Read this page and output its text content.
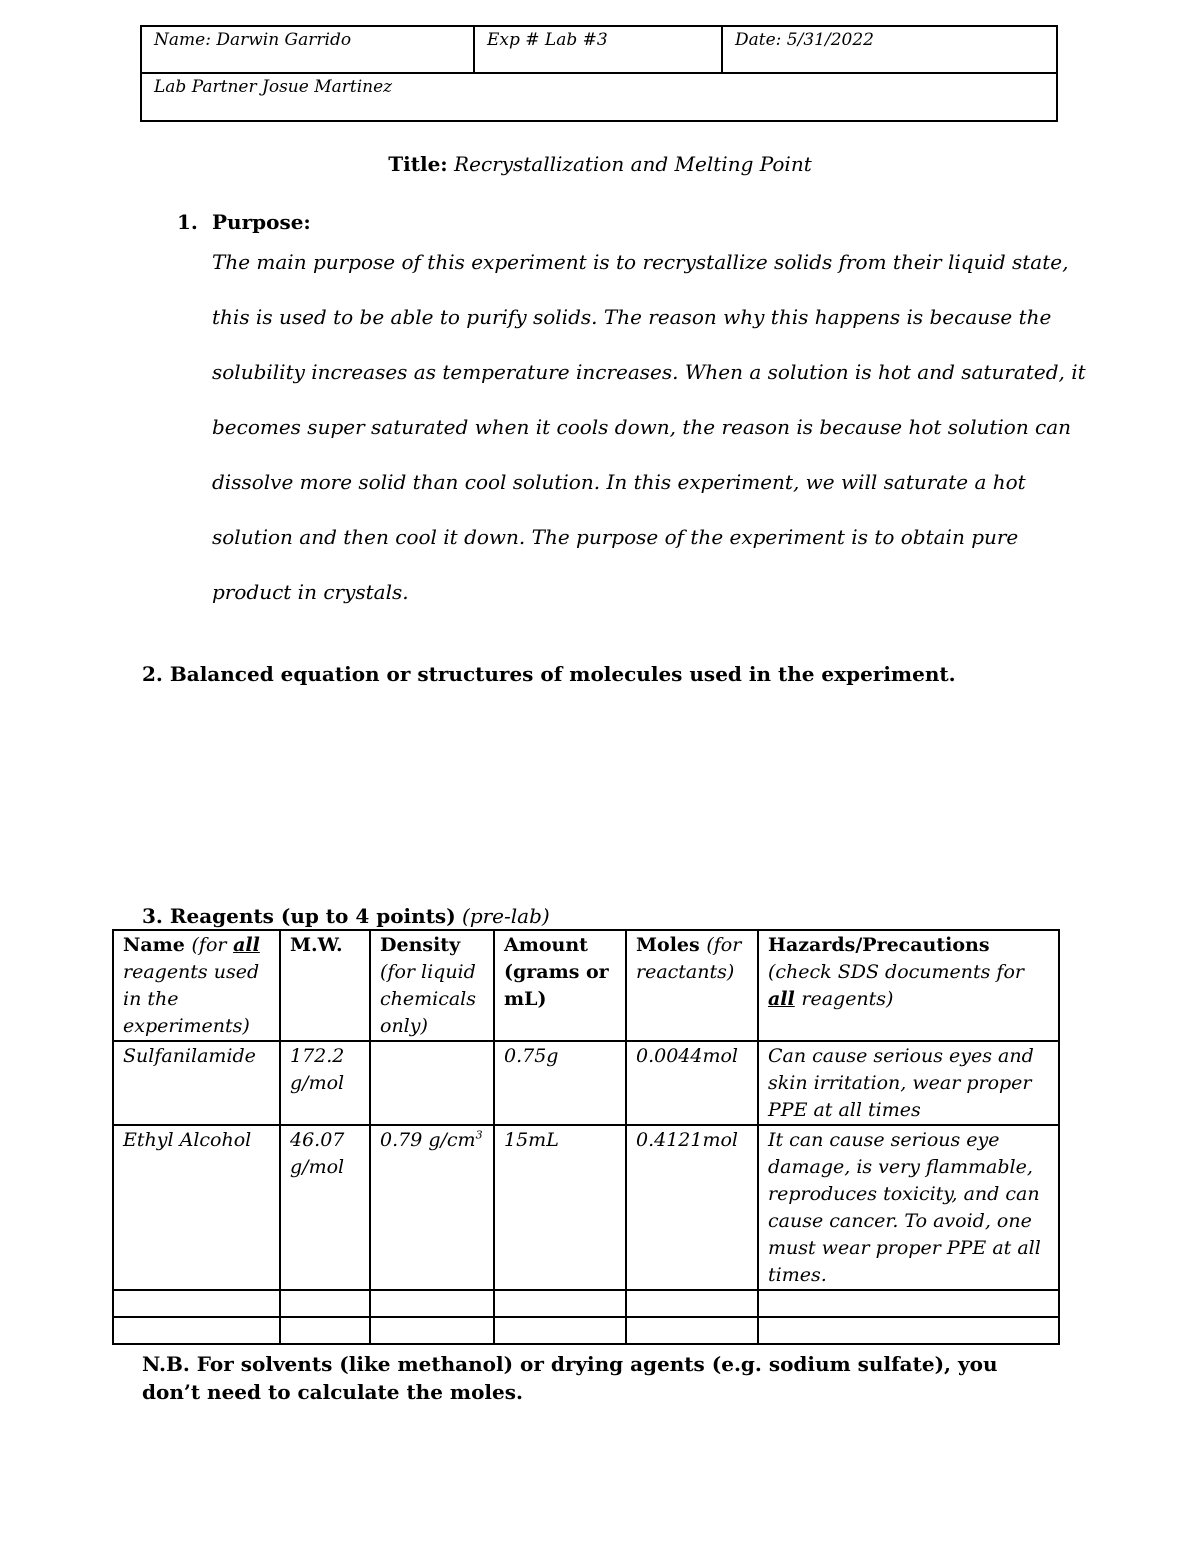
Name: Darwin Garrido	Exp # Lab #3	Date: 5/31/2022
Lab Partner Josue Martinez
Title: Recrystallization and Melting Point
1. Purpose:
The main purpose of this experiment is to recrystallize solids from their liquid state,
this is used to be able to purify solids. The reason why this happens is because the
solubility increases as temperature increases. When a solution is hot and saturated, it
becomes super saturated when it cools down, the reason is because hot solution can
dissolve more solid than cool solution. In this experiment, we will saturate a hot
solution and then cool it down. The purpose of the experiment is to obtain pure
product in crystals.
2. Balanced equation or structures of molecules used in the experiment.
3. Reagents (up to 4 points) (pre-lab)
Name (for all reagents used in the experiments)	M.W.	Density (for liquid chemicals only)	Amount (grams or mL)	Moles (for reactants)	Hazards/Precautions
(check SDS documents for all reagents)
Sulfanilamide	172.2 g/mol		0.75g	0.0044mol	Can cause serious eyes and skin irritation, wear proper PPE at all times
Ethyl Alcohol	46.07 g/mol	0.79 $g/cm^3$	15mL	0.4121mol	It can cause serious eye damage, is very flammable, reproduces toxicity, and can cause cancer. To avoid, one must wear proper PPE at all times.

N.B. For solvents (like methanol) or drying agents (e.g. sodium sulfate), you don’t need to calculate the moles.
